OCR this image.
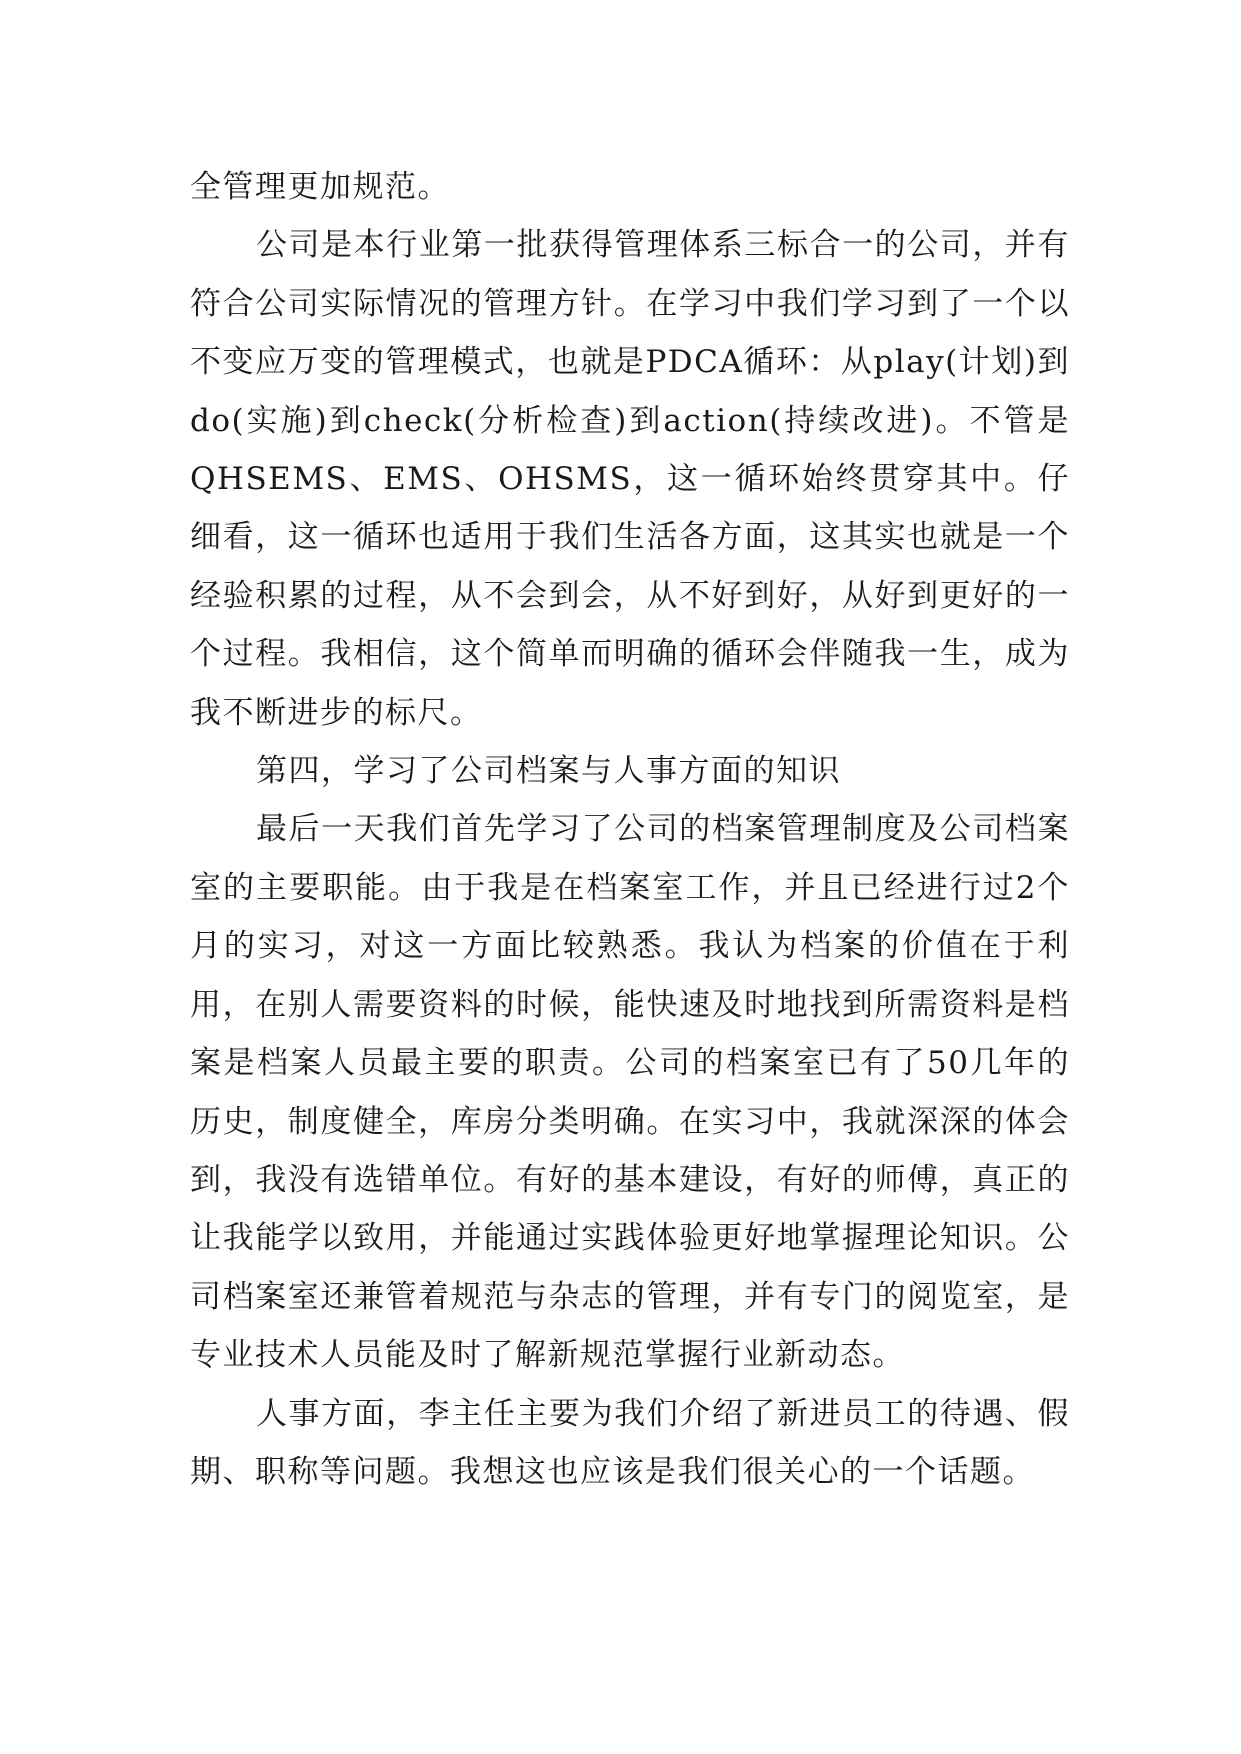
全管理更加规范。

公司是本行业第一批获得管理体系三标合一的公司，并有符合公司实际情况的管理方针。在学习中我们学习到了一个以不变应万变的管理模式，也就是PDCA循环：从play(计划)到do(实施)到check(分析检查)到action(持续改进)。不管是QHSEMS、EMS、OHSMS，这一循环始终贯穿其中。仔细看，这一循环也适用于我们生活各方面，这其实也就是一个经验积累的过程，从不会到会，从不好到好，从好到更好的一个过程。我相信，这个简单而明确的循环会伴随我一生，成为我不断进步的标尺。

第四，学习了公司档案与人事方面的知识

最后一天我们首先学习了公司的档案管理制度及公司档案室的主要职能。由于我是在档案室工作，并且已经进行过2个月的实习，对这一方面比较熟悉。我认为档案的价值在于利用，在别人需要资料的时候，能快速及时地找到所需资料是档案是档案人员最主要的职责。公司的档案室已有了50几年的历史，制度健全，库房分类明确。在实习中，我就深深的体会到，我没有选错单位。有好的基本建设，有好的师傅，真正的让我能学以致用，并能通过实践体验更好地掌握理论知识。公司档案室还兼管着规范与杂志的管理，并有专门的阅览室，是专业技术人员能及时了解新规范掌握行业新动态。

人事方面，李主任主要为我们介绍了新进员工的待遇、假期、职称等问题。我想这也应该是我们很关心的一个话题。
